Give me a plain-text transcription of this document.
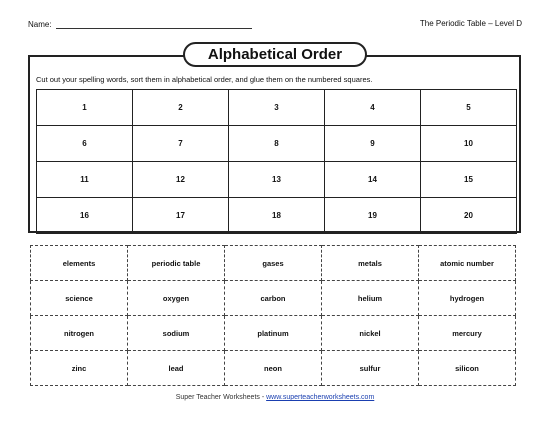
Name:	The Periodic Table – Level D
Alphabetical Order
Cut out your spelling words, sort them in alphabetical order, and glue them on the numbered squares.
1	2	3	4	5
6	7	8	9	10
11	12	13	14	15
16	17	18	19	20
elements	periodic table	gases	metals	atomic number
science	oxygen	carbon	helium	hydrogen
nitrogen	sodium	platinum	nickel	mercury
zinc	lead	neon	sulfur	silicon
Super Teacher Worksheets - www.superteacherworksheets.com
